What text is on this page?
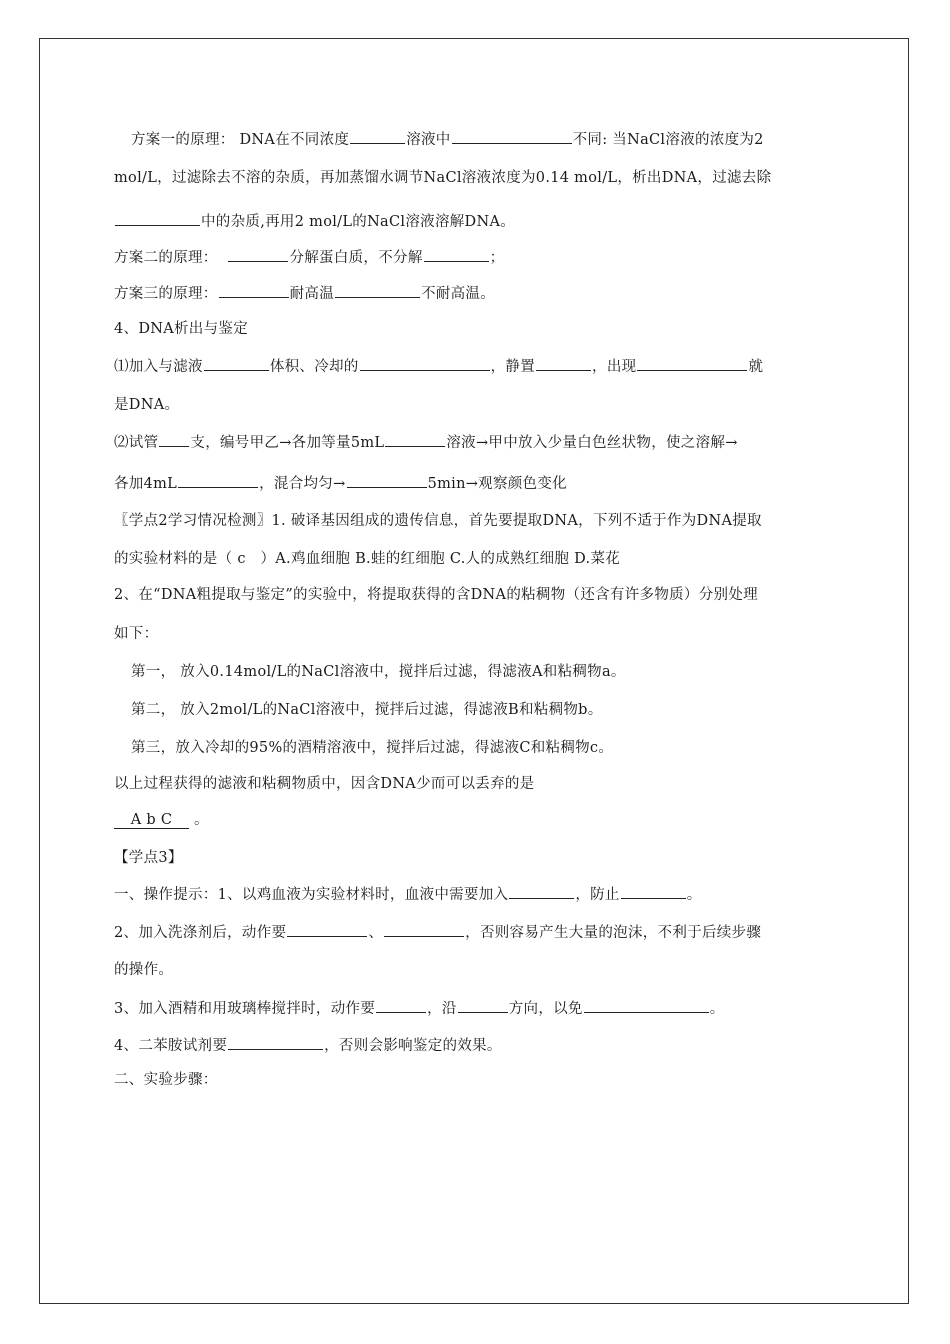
方案一的原理： DNA在不同浓度	溶液中	不同: 当NaCl溶液的浓度为2
mol/L，过滤除去不溶的杂质，再加蒸馏水调节NaCl溶液浓度为0.14 mol/L，析出DNA，过滤去除
中的杂质,再用2 mol/L的NaCl溶液溶解DNA。
方案二的原理：	分解蛋白质，不分解	；
方案三的原理：	耐高温	不耐高温。
4、DNA析出与鉴定
⑴加入与滤液	体积、冷却的	，静置	，出现	就
是DNA。
⑵试管 支，编号甲乙→各加等量5mL	溶液→甲中放入少量白色丝状物，使之溶解→
各加4mL	，混合均匀→	5min→观察颜色变化
〖学点2学习情况检测〗1. 破译基因组成的遗传信息，首先要提取DNA，下列不适于作为DNA提取
的实验材料的是（ c ）A.鸡血细胞 B.蛙的红细胞 C.人的成熟红细胞 D.菜花
2、在“DNA粗提取与鉴定”的实验中，将提取获得的含DNA的粘稠物（还含有许多物质）分别处理
如下：
第一， 放入0.14mol/L的NaCl溶液中，搅拌后过滤，得滤液A和粘稠物a。
第二， 放入2mol/L的NaCl溶液中，搅拌后过滤，得滤液B和粘稠物b。
第三，放入冷却的95%的酒精溶液中，搅拌后过滤，得滤液C和粘稠物c。
以上过程获得的滤液和粘稠物质中，因含DNA少而可以丢弃的是
A b C 。
【学点3】
一、操作提示：1、以鸡血液为实验材料时，血液中需要加入	，防止	。
2、加入洗涤剂后，动作要	、	，否则容易产生大量的泡沫，不利于后续步骤
的操作。
3、加入酒精和用玻璃棒搅拌时，动作要	，沿	方向，以免	。
4、二苯胺试剂要	，否则会影响鉴定的效果。
二、实验步骤：
